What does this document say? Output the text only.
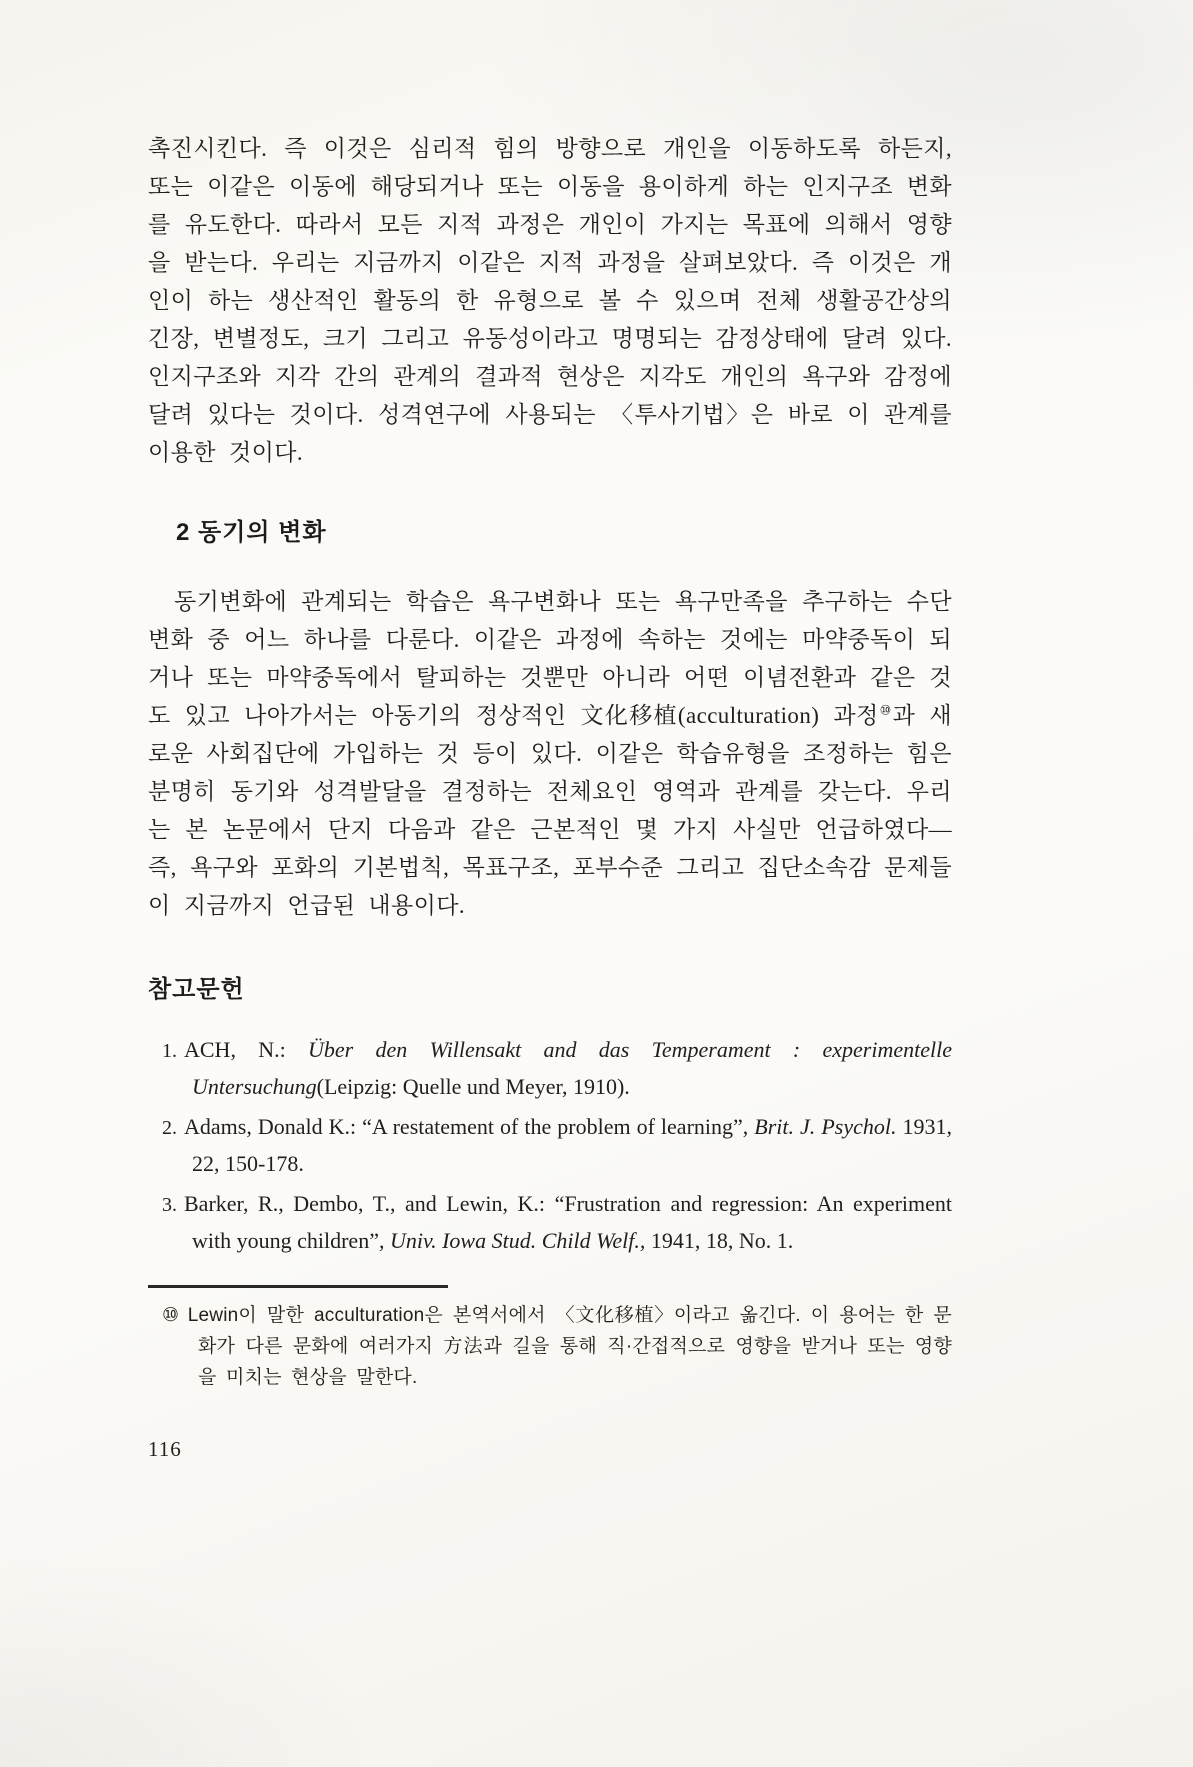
촉진시킨다. 즉 이것은 심리적 힘의 방향으로 개인을 이동하도록 하든지, 또는 이같은 이동에 해당되거나 또는 이동을 용이하게 하는 인지구조 변화를 유도한다. 따라서 모든 지적 과정은 개인이 가지는 목표에 의해서 영향을 받는다. 우리는 지금까지 이같은 지적 과정을 살펴보았다. 즉 이것은 개인이 하는 생산적인 활동의 한 유형으로 볼 수 있으며 전체 생활공간상의 긴장, 변별정도, 크기 그리고 유동성이라고 명명되는 감정상태에 달려 있다. 인지구조와 지각 간의 관계의 결과적 현상은 지각도 개인의 욕구와 감정에 달려 있다는 것이다. 성격연구에 사용되는 〈투사기법〉은 바로 이 관계를 이용한 것이다.

2 동기의 변화

동기변화에 관계되는 학습은 욕구변화나 또는 욕구만족을 추구하는 수단변화 중 어느 하나를 다룬다. 이같은 과정에 속하는 것에는 마약중독이 되거나 또는 마약중독에서 탈피하는 것뿐만 아니라 어떤 이념전환과 같은 것도 있고 나아가서는 아동기의 정상적인 文化移植(acculturation) 과정⑩과 새로운 사회집단에 가입하는 것 등이 있다. 이같은 학습유형을 조정하는 힘은 분명히 동기와 성격발달을 결정하는 전체요인 영역과 관계를 갖는다. 우리는 본 논문에서 단지 다음과 같은 근본적인 몇 가지 사실만 언급하였다—즉, 욕구와 포화의 기본법칙, 목표구조, 포부수준 그리고 집단소속감 문제들이 지금까지 언급된 내용이다.

참고문헌

1. ACH, N.: Über den Willensakt and das Temperament : experimentelle Untersuchung(Leipzig: Quelle und Meyer, 1910).

2. Adams, Donald K.: “A restatement of the problem of learning”, Brit. J. Psychol. 1931, 22, 150-178.

3. Barker, R., Dembo, T., and Lewin, K.: “Frustration and regression: An experiment with young children”, Univ. Iowa Stud. Child Welf., 1941, 18, No. 1.

⑩ Lewin이 말한 acculturation은 본역서에서 〈文化移植〉이라고 옮긴다. 이 용어는 한 문화가 다른 문화에 여러가지 方法과 길을 통해 직·간접적으로 영향을 받거나 또는 영향을 미치는 현상을 말한다.

116
